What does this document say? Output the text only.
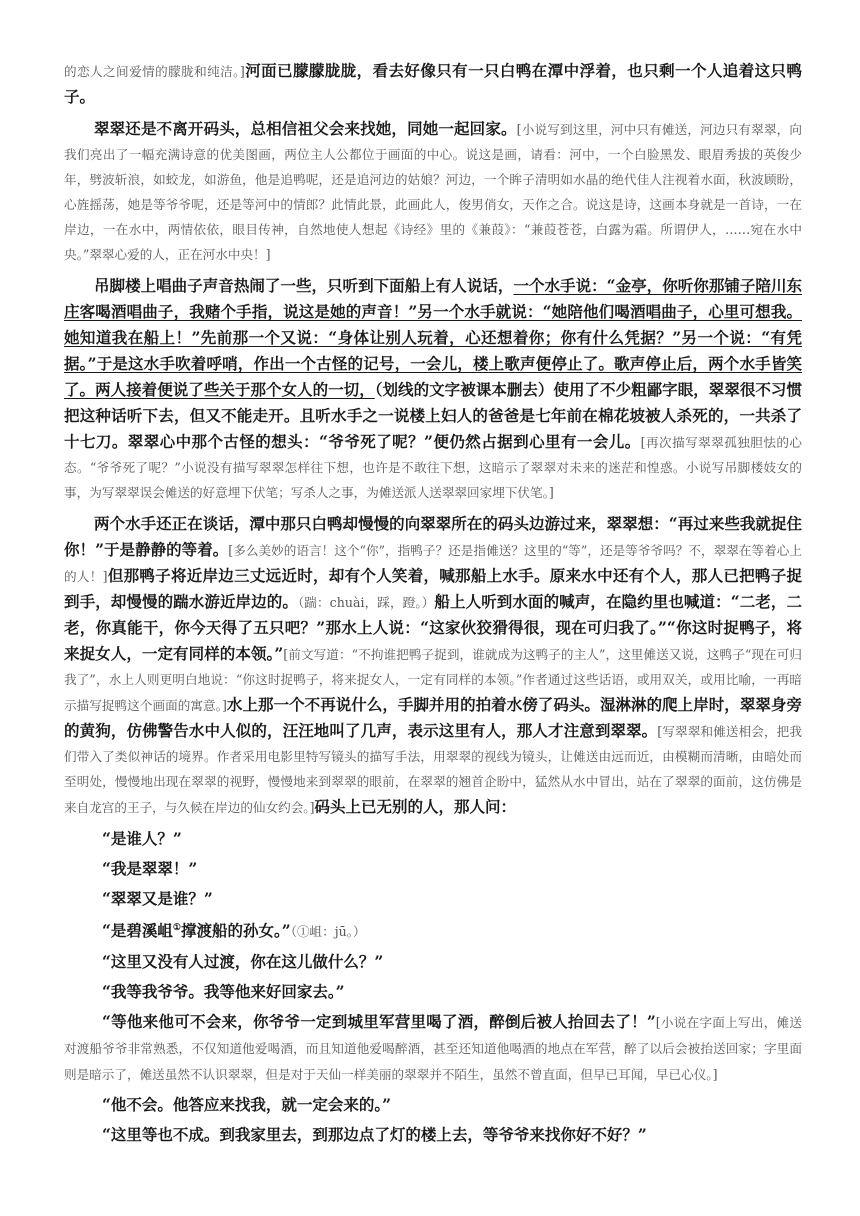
的恋人之间爱情的朦胧和纯洁。]河面已朦朦胧胧，看去好像只有一只白鸭在潭中浮着，也只剩一个人追着这只鸭子。

翠翠还是不离开码头，总相信祖父会来找她，同她一起回家。[小说写到这里，河中只有傩送，河边只有翠翠，向我们亮出了一幅充满诗意的优美图画，两位主人公都位于画面的中心。说这是画，请看：河中，一个白脸黑发、眼眉秀拔的英俊少年，劈波斩浪，如蛟龙，如游鱼，他是追鸭呢，还是追河边的姑娘？河边，一个眸子清明如水晶的绝代佳人注视着水面，秋波顾盼，心旌摇荡，她是等爷爷呢，还是等河中的情郎？此情此景，此画此人，俊男俏女，天作之合。说这是诗，这画本身就是一首诗，一在岸边，一在水中，两情依依，眼目传神，自然地使人想起《诗经》里的《兼葭》：“兼葭苍苍，白露为霜。所谓伊人，……宛在水中央。”翠翠心爱的人，正在河水中央！]

吊脚楼上唱曲子声音热闹了一些，只听到下面船上有人说话，一个水手说：“金亭，你听你那铺子陪川东庄客喝酒唱曲子，我赌个手指，说这是她的声音！”另一个水手就说：“她陪他们喝酒唱曲子，心里可想我。她知道我在船上！”先前那一个又说：“身体让别人玩着，心还想着你；你有什么凭据？”另一个说：“有凭据。”于是这水手吹着呼哨，作出一个古怪的记号，一会儿，楼上歌声便停止了。歌声停止后，两个水手皆笑了。两人接着便说了些关于那个女人的一切，（划线的文字被课本删去）使用了不少粗鄙字眼，翠翠很不习惯把这种话听下去，但又不能走开。且听水手之一说楼上妇人的爸爸是七年前在棉花坡被人杀死的，一共杀了十七刀。翠翠心中那个古怪的想头：“爷爷死了呢？”便仍然占据到心里有一会儿。[再次描写翠翠孤独胆怯的心态。“爷爷死了呢？”小说没有描写翠翠怎样往下想，也许是不敢往下想，这暗示了翠翠对未来的迷茫和惶惑。小说写吊脚楼妓女的事，为写翠翠误会傩送的好意埋下伏笔；写杀人之事，为傩送派人送翠翠回家埋下伏笔。]

两个水手还正在谈话，潭中那只白鸭却慢慢的向翠翠所在的码头边游过来，翠翠想：“再过来些我就捉住你！”于是静静的等着。[多么美妙的语言！这个“你”，指鸭子？还是指傩送？这里的“等”，还是等爷爷吗？不，翠翠在等着心上的人！]但那鸭子将近岸边三丈远近时，却有个人笑着，喊那船上水手。原来水中还有个人，那人已把鸭子捉到手，却慢慢的踹水游近岸边的。（踹：chuài，踩，蹬。）船上人听到水面的喊声，在隐约里也喊道：“二老，二老，你真能干，你今天得了五只吧？”那水上人说：“这家伙狡猾得很，现在可归我了。”“你这时捉鸭子，将来捉女人，一定有同样的本领。”[前文写道：“不拘谁把鸭子捉到，谁就成为这鸭子的主人”，这里傩送又说，这鸭子“现在可归我了”，水上人则更明白地说：“你这时捉鸭子，将来捉女人，一定有同样的本领。”作者通过这些话语，或用双关，或用比喻，一再暗示描写捉鸭这个画面的寓意。]水上那一个不再说什么，手脚并用的拍着水傍了码头。湿淋淋的爬上岸时，翠翠身旁的黄狗，仿佛警告水中人似的，汪汪地叫了几声，表示这里有人，那人才注意到翠翠。[写翠翠和傩送相会，把我们带入了类似神话的境界。作者采用电影里特写镜头的描写手法，用翠翠的视线为镜头，让傩送由远而近，由模糊而清晰，由暗处而至明处，慢慢地出现在翠翠的视野，慢慢地来到翠翠的眼前，在翠翠的翘首企盼中，猛然从水中冒出，站在了翠翠的面前，这仿佛是来自龙宫的王子，与久候在岸边的仙女约会。]码头上已无别的人，那人问：

“是谁人？”

“我是翠翠！”

“翠翠又是谁？”

“是碧溪岨①撑渡船的孙女。”（①岨：jū。）

“这里又没有人过渡，你在这儿做什么？”

“我等我爷爷。我等他来好回家去。”

“等他来他可不会来，你爷爷一定到城里军营里喝了酒，醉倒后被人抬回去了！”[小说在字面上写出，傩送对渡船爷爷非常熟悉，不仅知道他爱喝酒，而且知道他爱喝醉酒，甚至还知道他喝酒的地点在军营，醉了以后会被抬送回家；字里面则是暗示了，傩送虽然不认识翠翠，但是对于天仙一样美丽的翠翠并不陌生，虽然不曾直面，但早已耳闻，早已心仪。]

“他不会。他答应来找我，就一定会来的。”

“这里等也不成。到我家里去，到那边点了灯的楼上去，等爷爷来找你好不好？”
